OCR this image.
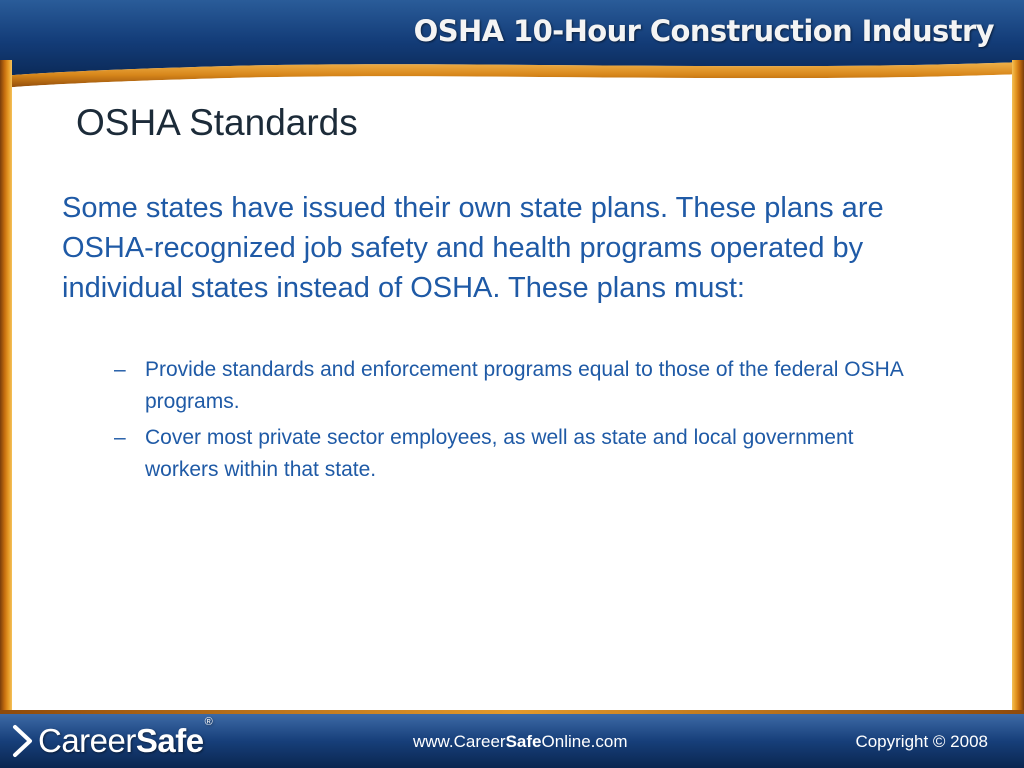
OSHA 10-Hour Construction Industry
OSHA Standards

Some states have issued their own state plans. These plans are OSHA-recognized job safety and health programs operated by individual states instead of OSHA. These plans must:

– Provide standards and enforcement programs equal to those of the federal OSHA programs.
– Cover most private sector employees, as well as state and local government workers within that state.
CareerSafe®
www.CareerSafeOnline.com	Copyright © 2008
